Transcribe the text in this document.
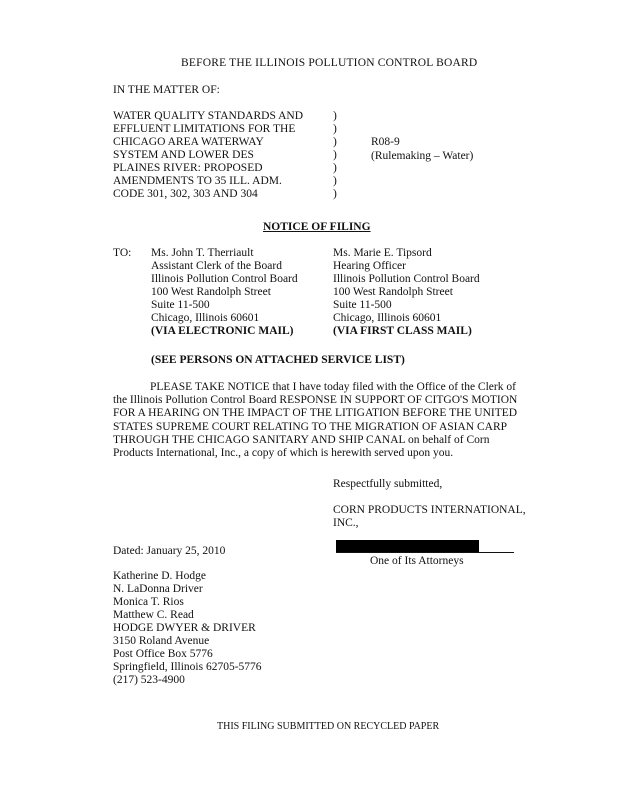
BEFORE THE ILLINOIS POLLUTION CONTROL BOARD
IN THE MATTER OF:
WATER QUALITY STANDARDS AND
EFFLUENT LIMITATIONS FOR THE
CHICAGO AREA WATERWAY
SYSTEM AND LOWER DES
PLAINES RIVER: PROPOSED
AMENDMENTS TO 35 ILL. ADM.
CODE 301, 302, 303 AND 304
)
)
)
)
)
)
)
R08-9
(Rulemaking – Water)
NOTICE OF FILING
TO: Ms. John T. Therriault
Assistant Clerk of the Board
Illinois Pollution Control Board
100 West Randolph Street
Suite 11-500
Chicago, Illinois 60601
(VIA ELECTRONIC MAIL)
Ms. Marie E. Tipsord
Hearing Officer
Illinois Pollution Control Board
100 West Randolph Street
Suite 11-500
Chicago, Illinois 60601
(VIA FIRST CLASS MAIL)
(SEE PERSONS ON ATTACHED SERVICE LIST)
PLEASE TAKE NOTICE that I have today filed with the Office of the Clerk of
the Illinois Pollution Control Board RESPONSE IN SUPPORT OF CITGO'S MOTION
FOR A HEARING ON THE IMPACT OF THE LITIGATION BEFORE THE UNITED
STATES SUPREME COURT RELATING TO THE MIGRATION OF ASIAN CARP
THROUGH THE CHICAGO SANITARY AND SHIP CANAL on behalf of Corn
Products International, Inc., a copy of which is herewith served upon you.
Respectfully submitted,
CORN PRODUCTS INTERNATIONAL,
INC.,
Dated: January 25, 2010
One of Its Attorneys
Katherine D. Hodge
N. LaDonna Driver
Monica T. Rios
Matthew C. Read
HODGE DWYER & DRIVER
3150 Roland Avenue
Post Office Box 5776
Springfield, Illinois 62705-5776
(217) 523-4900
THIS FILING SUBMITTED ON RECYCLED PAPER
